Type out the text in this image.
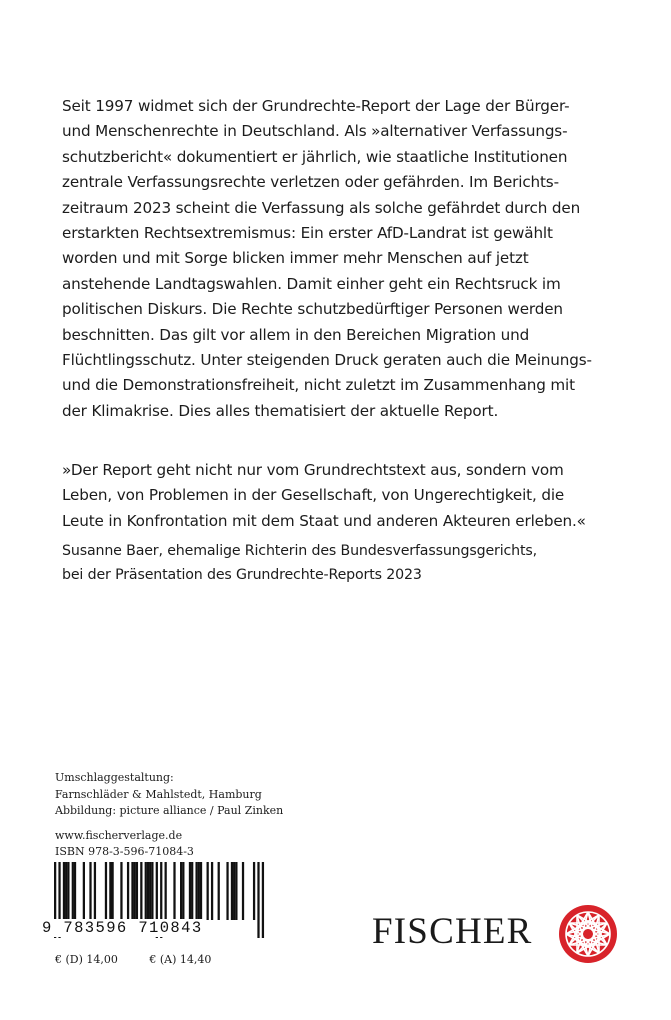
Seit 1997 widmet sich der Grundrechte-Report der Lage der Bürger-
und Menschenrechte in Deutschland. Als »alternativer Verfassungs-
schutzbericht« dokumentiert er jährlich, wie staatliche Institutionen
zentrale Verfassungsrechte verletzen oder gefährden. Im Berichts-
zeitraum 2023 scheint die Verfassung als solche gefährdet durch den
erstarkten Rechtsextremismus: Ein erster AfD-Landrat ist gewählt
worden und mit Sorge blicken immer mehr Menschen auf jetzt
anstehende Landtagswahlen. Damit einher geht ein Rechtsruck im
politischen Diskurs. Die Rechte schutzbedürftiger Personen werden
beschnitten. Das gilt vor allem in den Bereichen Migration und
Flüchtlingsschutz. Unter steigenden Druck geraten auch die Meinungs-
und die Demonstrationsfreiheit, nicht zuletzt im Zusammenhang mit
der Klimakrise. Dies alles thematisiert der aktuelle Report.
»Der Report geht nicht nur vom Grundrechtstext aus, sondern vom
Leben, von Problemen in der Gesellschaft, von Ungerechtigkeit, die
Leute in Konfrontation mit dem Staat und anderen Akteuren erleben.«
Susanne Baer, ehemalige Richterin des Bundesverfassungsgerichts,
bei der Präsentation des Grundrechte-Reports 2023
Umschlaggestaltung:
Farnschläder & Mahlstedt, Hamburg
Abbildung: picture alliance / Paul Zinken
www.fischerverlage.de
ISBN 978-3-596-71084-3
9 783596 710843
€ (D) 14,00	€ (A) 14,40
FISCHER
